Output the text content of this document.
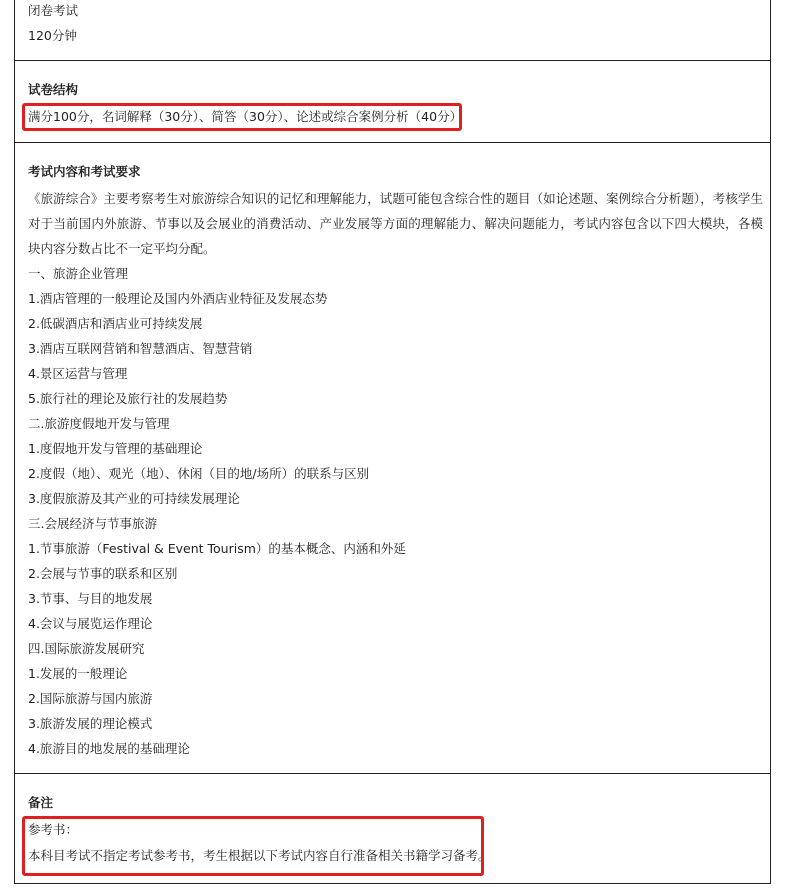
闭卷考试

120分钟

试卷结构

满分100分，名词解释（30分）、简答（30分）、论述或综合案例分析（40分）

考试内容和考试要求

《旅游综合》主要考察考生对旅游综合知识的记忆和理解能力，试题可能包含综合性的题目（如论述题、案例综合分析题），考核学生对于当前国内外旅游、节事以及会展业的消费活动、产业发展等方面的理解能力、解决问题能力，考试内容包含以下四大模块，各模块内容分数占比不一定平均分配。

一、旅游企业管理

1.酒店管理的一般理论及国内外酒店业特征及发展态势

2.低碳酒店和酒店业可持续发展

3.酒店互联网营销和智慧酒店、智慧营销

4.景区运营与管理

5.旅行社的理论及旅行社的发展趋势

二.旅游度假地开发与管理

1.度假地开发与管理的基础理论

2.度假（地）、观光（地）、休闲（目的地/场所）的联系与区别

3.度假旅游及其产业的可持续发展理论

三.会展经济与节事旅游

1.节事旅游（Festival & Event Tourism）的基本概念、内涵和外延

2.会展与节事的联系和区别

3.节事、与目的地发展

4.会议与展览运作理论

四.国际旅游发展研究

1.发展的一般理论

2.国际旅游与国内旅游

3.旅游发展的理论模式

4.旅游目的地发展的基础理论

备注

参考书：

本科目考试不指定考试参考书，考生根据以下考试内容自行准备相关书籍学习备考。
